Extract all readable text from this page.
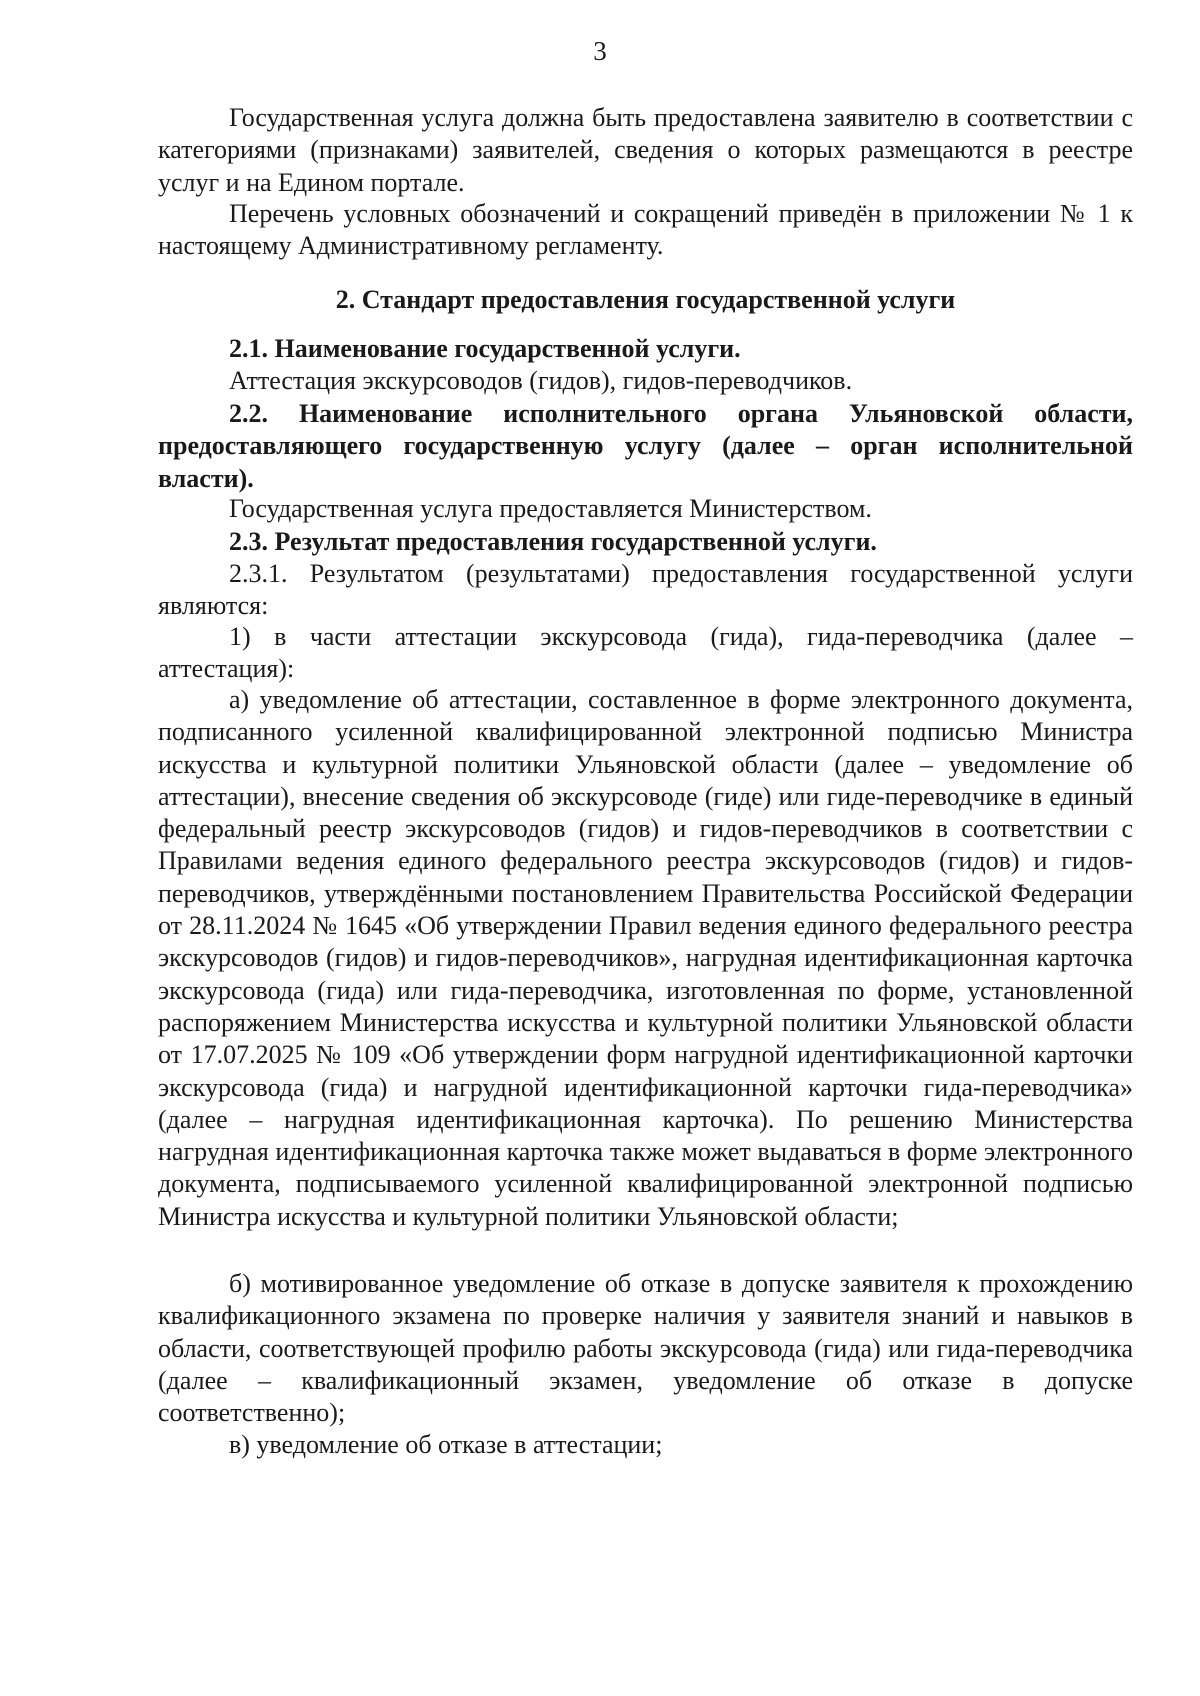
3

Государственная услуга должна быть предоставлена заявителю в соответствии с категориями (признаками) заявителей, сведения о которых размещаются в реестре услуг и на Едином портале.

Перечень условных обозначений и сокращений приведён в приложении № 1 к настоящему Административному регламенту.

2. Стандарт предоставления государственной услуги

2.1. Наименование государственной услуги.

Аттестация экскурсоводов (гидов), гидов-переводчиков.

2.2. Наименование исполнительного органа Ульяновской области, предоставляющего государственную услугу (далее – орган исполнительной власти).

Государственная услуга предоставляется Министерством.

2.3. Результат предоставления государственной услуги.

2.3.1. Результатом (результатами) предоставления государственной услуги являются:

1) в части аттестации экскурсовода (гида), гида-переводчика (далее – аттестация):

а) уведомление об аттестации, составленное в форме электронного документа, подписанного усиленной квалифицированной электронной подписью Министра искусства и культурной политики Ульяновской области (далее – уведомление об аттестации), внесение сведения об экскурсоводе (гиде) или гиде-переводчике в единый федеральный реестр экскурсоводов (гидов) и гидов-переводчиков в соответствии с Правилами ведения единого федерального реестра экскурсоводов (гидов) и гидов-переводчиков, утверждёнными постановлением Правительства Российской Федерации от 28.11.2024 № 1645 «Об утверждении Правил ведения единого федерального реестра экскурсоводов (гидов) и гидов-переводчиков», нагрудная идентификационная карточка экскурсовода (гида) или гида-переводчика, изготовленная по форме, установленной распоряжением Министерства искусства и культурной политики Ульяновской области от 17.07.2025 № 109 «Об утверждении форм нагрудной идентификационной карточки экскурсовода (гида) и нагрудной идентификационной карточки гида-переводчика» (далее – нагрудная идентификационная карточка). По решению Министерства нагрудная идентификационная карточка также может выдаваться в форме электронного документа, подписываемого усиленной квалифицированной электронной подписью Министра искусства и культурной политики Ульяновской области;

б) мотивированное уведомление об отказе в допуске заявителя к прохождению квалификационного экзамена по проверке наличия у заявителя знаний и навыков в области, соответствующей профилю работы экскурсовода (гида) или гида-переводчика (далее – квалификационный экзамен, уведомление об отказе в допуске соответственно);

в) уведомление об отказе в аттестации;
